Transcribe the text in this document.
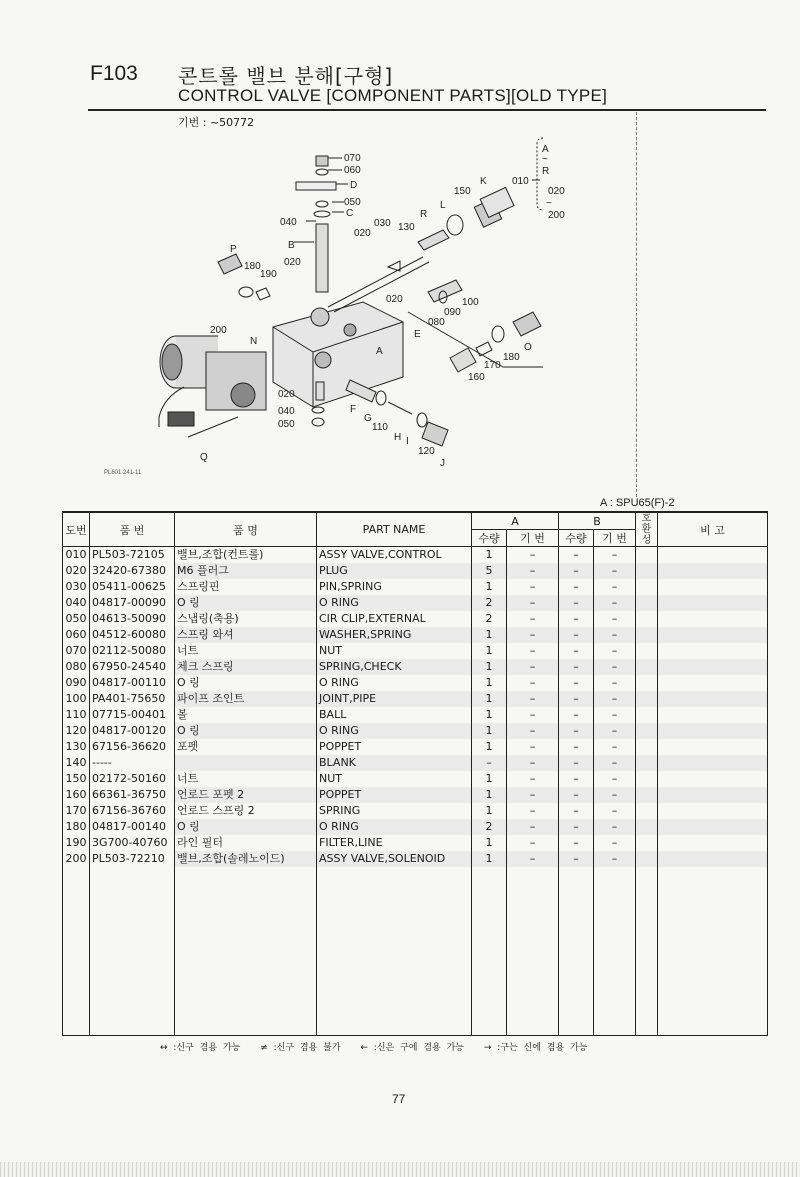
F103 콘트롤 밸브 분해[구형]
CONTROL VALVE [COMPONENT PARTS][OLD TYPE]
기번 : ~50772
070
060
D
050
C
040	030
020
130
R
L
150
K	010
A
~
R
020
~
200
B
P
180
190
020
020	100
090
080
E
200
N
A
170
180
O
160
020
F
040
G
110
050
H I
120
J
Q
PL601 241-11
A : SPU65(F)-2
도번	품 번	품 명	PART NAME	A		B		호 환 성	비 고
				수량	기 번	수량	기 번		
010	PL503-72105	밸브,조합(컨트롤)	ASSY VALVE,CONTROL	1	–	–	–		
020	32420-67380	M6 플러그	PLUG	5	–	–	–		
030	05411-00625	스프링핀	PIN,SPRING	1	–	–	–		
040	04817-00090	O 링	O RING	2	–	–	–		
050	04613-50090	스냅링(축용)	CIR CLIP,EXTERNAL	2	–	–	–		
060	04512-60080	스프링 와셔	WASHER,SPRING	1	–	–	–		
070	02112-50080	너트	NUT	1	–	–	–		
080	67950-24540	체크 스프링	SPRING,CHECK	1	–	–	–		
090	04817-00110	O 링	O RING	1	–	–	–		
100	PA401-75650	파이프 조인트	JOINT,PIPE	1	–	–	–		
110	07715-00401	볼	BALL	1	–	–	–		
120	04817-00120	O 링	O RING	1	–	–	–		
130	67156-36620	포펫	POPPET	1	–	–	–		
140	-----		BLANK	–	–	–	–		
150	02172-50160	너트	NUT	1	–	–	–		
160	66361-36750	언로드 포펫 2	POPPET	1	–	–	–		
170	67156-36760	언로드 스프링 2	SPRING	1	–	–	–		
180	04817-00140	O 링	O RING	2	–	–	–		
190	3G700-40760	라인 필터	FILTER,LINE	1	–	–	–		
200	PL503-72210	밸브,조합(솔레노이드)	ASSY VALVE,SOLENOID	1	–	–	–		

↔ :신구 겸용 가능 ≠ :신구 겸용 불가 ← :신은 구에 겸용 가능 → :구는 신에 겸용 가능
77
